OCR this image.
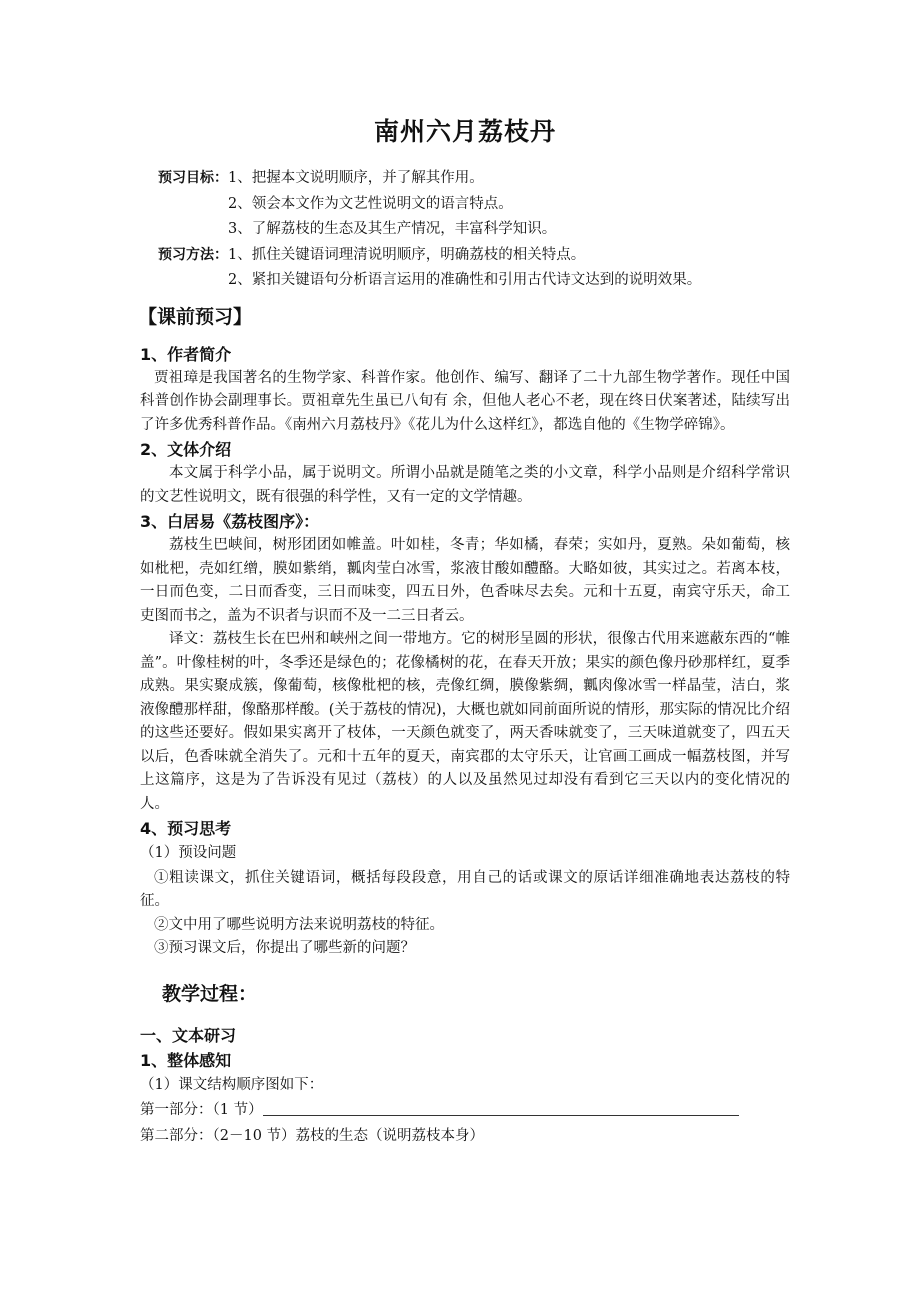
南州六月荔枝丹
预习目标： 1、把握本文说明顺序，并了解其作用。
2、领会本文作为文艺性说明文的语言特点。
3、了解荔枝的生态及其生产情况，丰富科学知识。
预习方法： 1、抓住关键语词理清说明顺序，明确荔枝的相关特点。
2、紧扣关键语句分析语言运用的准确性和引用古代诗文达到的说明效果。
【课前预习】
1、作者简介

贾祖璋是我国著名的生物学家、科普作家。他创作、编写、翻译了二十九部生物学著作。现任中国科普创作协会副理事长。贾祖章先生虽已八旬有 余，但他人老心不老，现在终日伏案著述，陆续写出了许多优秀科普作品。《南州六月荔枝丹》《花儿为什么这样红》，都选自他的《生物学碎锦》。

2、文体介绍

本文属于科学小品，属于说明文。所谓小品就是随笔之类的小文章，科学小品则是介绍科学常识的文艺性说明文，既有很强的科学性，又有一定的文学情趣。

3、白居易《荔枝图序》：

荔枝生巴峡间，树形团团如帷盖。叶如桂，冬青；华如橘，春荣；实如丹，夏熟。朵如葡萄，核如枇杷，壳如红缯，膜如紫绡，瓤肉莹白冰雪，浆液甘酸如醴酪。大略如彼，其实过之。若离本枝，一日而色变，二日而香变，三日而味变，四五日外，色香味尽去矣。元和十五夏，南宾守乐天，命工吏图而书之，盖为不识者与识而不及一二三日者云。

译文：荔枝生长在巴州和峡州之间一带地方。它的树形呈圆的形状，很像古代用来遮蔽东西的“帷盖”。叶像桂树的叶，冬季还是绿色的；花像橘树的花，在春天开放；果实的颜色像丹砂那样红，夏季成熟。果实聚成簇，像葡萄，核像枇杷的核，壳像红绸，膜像紫绸，瓤肉像冰雪一样晶莹，洁白，浆液像醴那样甜，像酪那样酸。(关于荔枝的情况)，大概也就如同前面所说的情形，那实际的情况比介绍的这些还要好。假如果实离开了枝体，一天颜色就变了，两天香味就变了，三天味道就变了，四五天以后，色香味就全消失了。元和十五年的夏天，南宾郡的太守乐天，让官画工画成一幅荔枝图，并写上这篇序，这是为了告诉没有见过（荔枝）的人以及虽然见过却没有看到它三天以内的变化情况的人。

4、预习思考
（1）预设问题

①粗读课文，抓住关键语词，概括每段段意，用自己的话或课文的原话详细准确地表达荔枝的特征。

②文中用了哪些说明方法来说明荔枝的特征。

③预习课文后，你提出了哪些新的问题？

教学过程：
一、文本研习
1、整体感知
（1）课文结构顺序图如下：
第一部分：（1 节）
第二部分：（2－10 节）荔枝的生态（说明荔枝本身）
